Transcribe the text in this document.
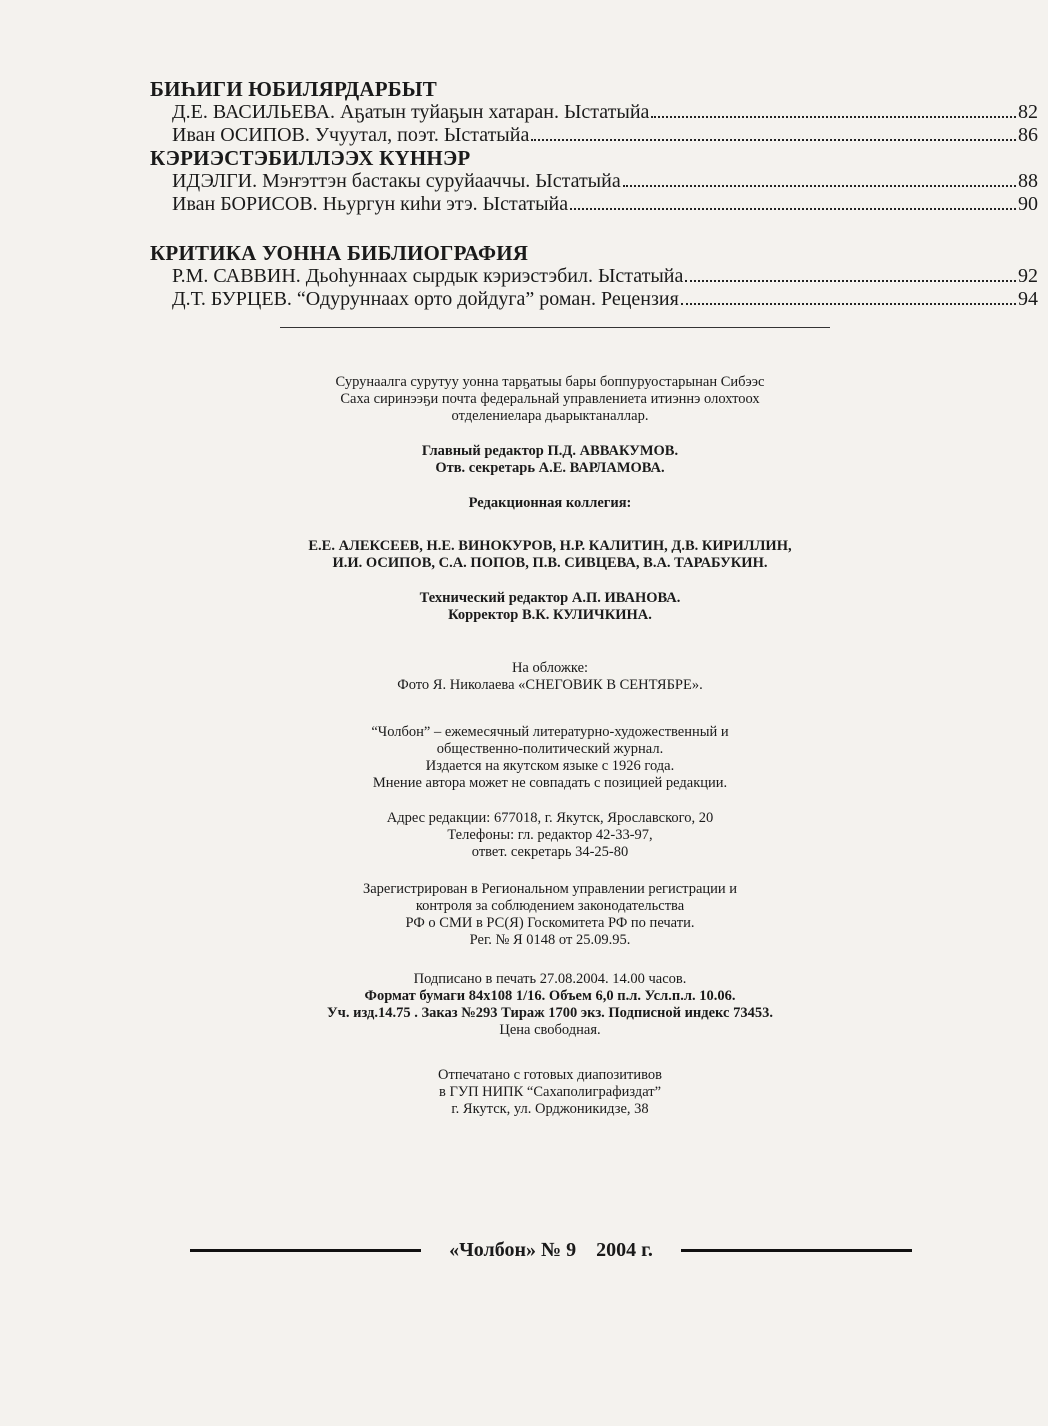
БИҺИГИ ЮБИЛЯРДАРБЫТ

Д.Е. ВАСИЛЬЕВА. Аҕатын туйаҕын хатаран. Ыстатыйа	82
Иван ОСИПОВ. Учуутал, поэт. Ыстатыйа	86

КЭРИЭСТЭБИЛЛЭЭХ КҮННЭР

ИДЭЛГИ. Мэҥэттэн бастакы суруйааччы. Ыстатыйа	88
Иван БОРИСОВ. Ньургун киһи этэ. Ыстатыйа	90

КРИТИКА УОННА БИБЛИОГРАФИЯ

Р.М. САВВИН. Дьоһуннаах сырдык кэриэстэбил. Ыстатыйа	92
Д.Т. БУРЦЕВ. “Одуруннаах орто дойдуга” роман. Рецензия	94

Сурунаалга сурутуу уонна тарҕатыы бары боппуруостарынан Сибээс

Саха сиринээҕи почта федеральнай управлениета итиэннэ олохтоох

отделениелара дьарыктаналлар.

Главный редактор П.Д. АВВАКУМОВ.

Отв. секретарь А.Е. ВАРЛАМОВА.

Редакционная коллегия:

Е.Е. АЛЕКСЕЕВ, Н.Е. ВИНОКУРОВ, Н.Р. КАЛИТИН, Д.В. КИРИЛЛИН,

И.И. ОСИПОВ, С.А. ПОПОВ, П.В. СИВЦЕВА, В.А. ТАРАБУКИН.

Технический редактор А.П. ИВАНОВА.

Корректор В.К. КУЛИЧКИНА.

На обложке:

Фото Я. Николаева «СНЕГОВИК В СЕНТЯБРЕ».

“Чолбон” – ежемесячный литературно-художественный и

общественно-политический журнал.

Издается на якутском языке с 1926 года.

Мнение автора может не совпадать с позицией редакции.

Адрес редакции: 677018, г. Якутск, Ярославского, 20

Телефоны: гл. редактор 42-33-97,

ответ. секретарь 34-25-80

Зарегистрирован в Региональном управлении регистрации и

контроля за соблюдением законодательства

РФ о СМИ в РС(Я) Госкомитета РФ по печати.

Рег. № Я 0148 от 25.09.95.

Подписано в печать 27.08.2004. 14.00 часов.

Формат бумаги 84х108 1/16. Объем 6,0 п.л. Усл.п.л. 10.06.

Уч. изд.14.75 . Заказ №293 Тираж 1700 экз. Подписной индекс 73453.

Цена свободная.

Отпечатано с готовых диапозитивов

в ГУП НИПК “Сахаполиграфиздат”

г. Якутск, ул. Орджоникидзе, 38

«Чолбон» № 9    2004 г.
